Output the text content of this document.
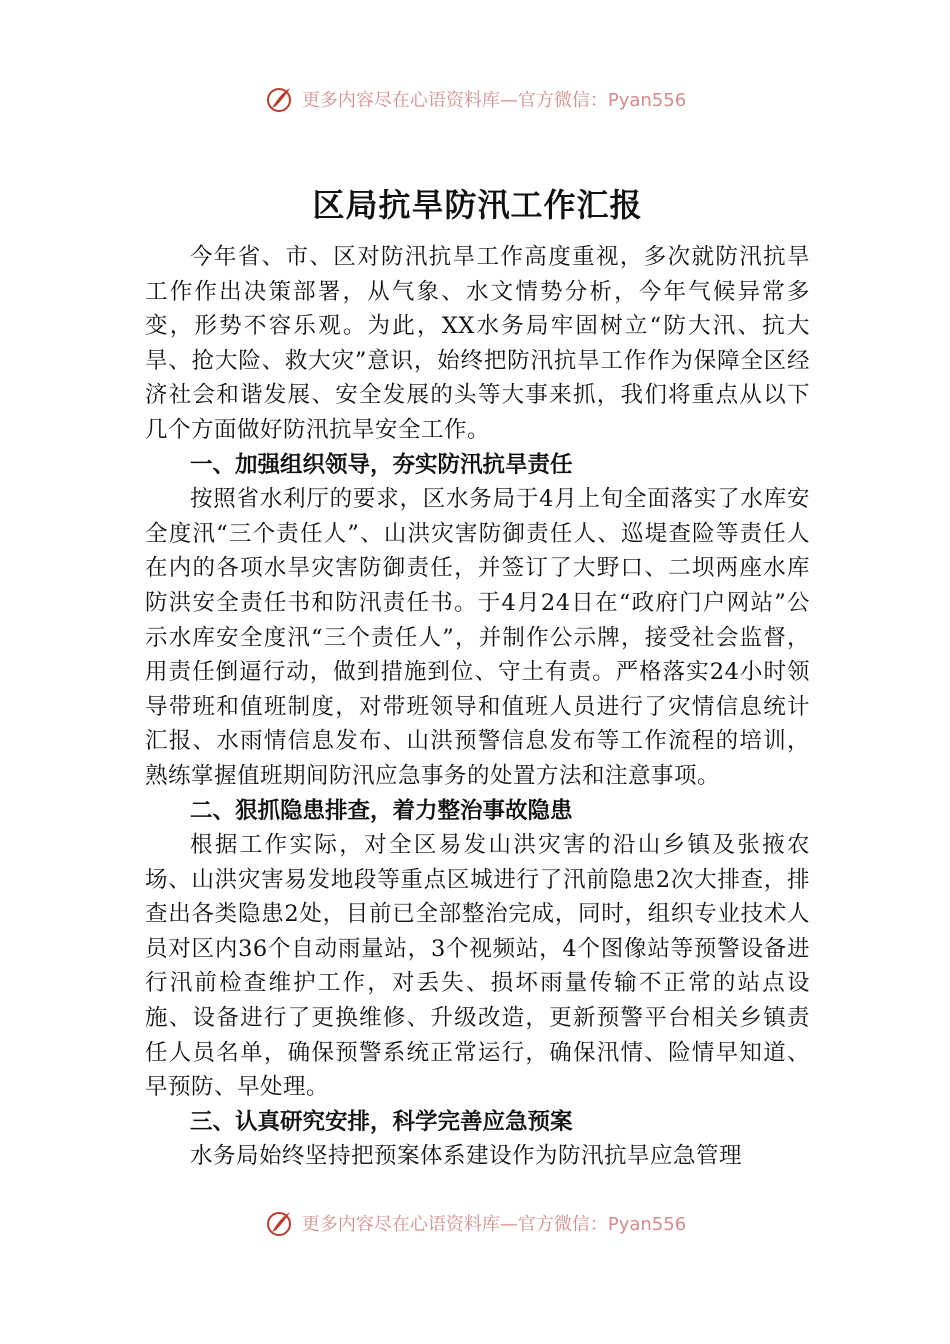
更多内容尽在心语资料库—官方微信：Pyan556
区局抗旱防汛工作汇报

今年省、市、区对防汛抗旱工作高度重视，多次就防汛抗旱工作作出决策部署，从气象、水文情势分析，今年气候异常多变，形势不容乐观。为此，XX水务局牢固树立“防大汛、抗大旱、抢大险、救大灾”意识，始终把防汛抗旱工作作为保障全区经济社会和谐发展、安全发展的头等大事来抓，我们将重点从以下几个方面做好防汛抗旱安全工作。

一、加强组织领导，夯实防汛抗旱责任

按照省水利厅的要求，区水务局于4月上旬全面落实了水库安全度汛“三个责任人”、山洪灾害防御责任人、巡堤查险等责任人在内的各项水旱灾害防御责任，并签订了大野口、二坝两座水库防洪安全责任书和防汛责任书。于4月24日在“政府门户网站”公示水库安全度汛“三个责任人”，并制作公示牌，接受社会监督，用责任倒逼行动，做到措施到位、守土有责。严格落实24小时领导带班和值班制度，对带班领导和值班人员进行了灾情信息统计汇报、水雨情信息发布、山洪预警信息发布等工作流程的培训，熟练掌握值班期间防汛应急事务的处置方法和注意事项。

二、狠抓隐患排查，着力整治事故隐患

根据工作实际，对全区易发山洪灾害的沿山乡镇及张掖农场、山洪灾害易发地段等重点区城进行了汛前隐患2次大排查，排查出各类隐患2处，目前已全部整治完成，同时，组织专业技术人员对区内36个自动雨量站，3个视频站，4个图像站等预警设备进行汛前检查维护工作，对丢失、损坏雨量传输不正常的站点设施、设备进行了更换维修、升级改造，更新预警平台相关乡镇责任人员名单，确保预警系统正常运行，确保汛情、险情早知道、早预防、早处理。

三、认真研究安排，科学完善应急预案

水务局始终坚持把预案体系建设作为防汛抗旱应急管理

更多内容尽在心语资料库—官方微信：Pyan556
